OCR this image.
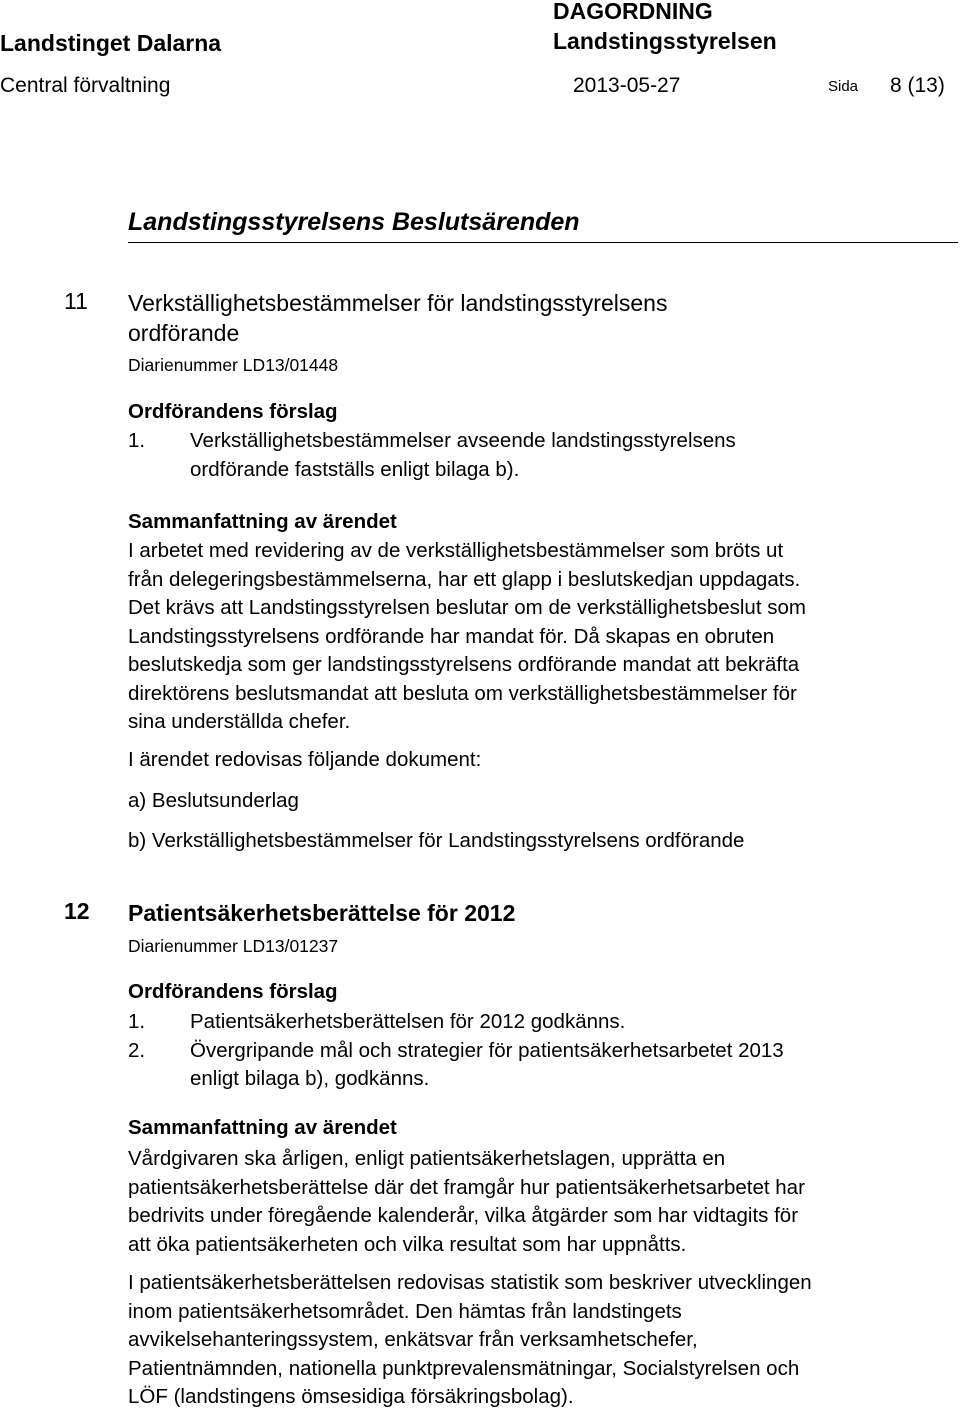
Landstinget Dalarna
DAGORDNING
Landstingsstyrelsen
Central förvaltning	2013-05-27	Sida 8 (13)
Landstingsstyrelsens Beslutsärenden
11 Verkställighetsbestämmelser för landstingsstyrelsens
ordförande
Diarienummer LD13/01448
Ordförandens förslag
1.	Verkställighetsbestämmelser avseende landstingsstyrelsens
ordförande fastställs enligt bilaga b).
Sammanfattning av ärendet
I arbetet med revidering av de verkställighetsbestämmelser som bröts ut
från delegeringsbestämmelserna, har ett glapp i beslutskedjan uppdagats.
Det krävs att Landstingsstyrelsen beslutar om de verkställighetsbeslut som
Landstingsstyrelsens ordförande har mandat för. Då skapas en obruten
beslutskedja som ger landstingsstyrelsens ordförande mandat att bekräfta
direktörens beslutsmandat att besluta om verkställighetsbestämmelser för
sina underställda chefer.
I ärendet redovisas följande dokument:
a) Beslutsunderlag
b) Verkställighetsbestämmelser för Landstingsstyrelsens ordförande
12 Patientsäkerhetsberättelse för 2012
Diarienummer LD13/01237
Ordförandens förslag
1.	Patientsäkerhetsberättelsen för 2012 godkänns.
2.	Övergripande mål och strategier för patientsäkerhetsarbetet 2013
enligt bilaga b), godkänns.
Sammanfattning av ärendet
Vårdgivaren ska årligen, enligt patientsäkerhetslagen, upprätta en
patientsäkerhetsberättelse där det framgår hur patientsäkerhetsarbetet har
bedrivits under föregående kalenderår, vilka åtgärder som har vidtagits för
att öka patientsäkerheten och vilka resultat som har uppnåtts.
I patientsäkerhetsberättelsen redovisas statistik som beskriver utvecklingen
inom patientsäkerhetsområdet. Den hämtas från landstingets
avvikelsehanteringssystem, enkätsvar från verksamhetschefer,
Patientnämnden, nationella punktprevalensmätningar, Socialstyrelsen och
LÖF (landstingens ömsesidiga försäkringsbolag).
